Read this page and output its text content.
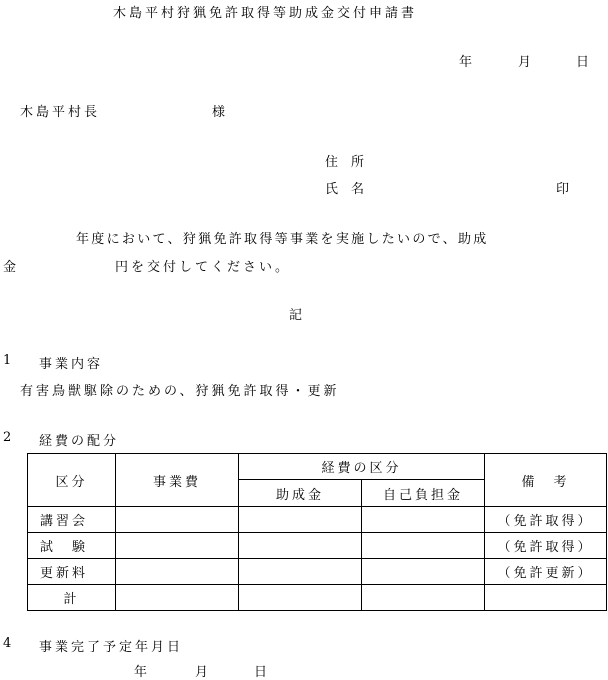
木島平村狩猟免許取得等助成金交付申請書
年	月	日
木島平村長	様
住　所
氏　名	印
年度において、狩猟免許取得等事業を実施したいので、助成
金	円を交付してください。
記
1 事業内容
有害鳥獣駆除のための、狩猟免許取得・更新
2 経費の配分
区分	事業費	経費の区分		備　考
		助成金	自己負担金	
講習会				（免許取得）
試　験				（免許取得）
更新料				（免許更新）
計				
4 事業完了予定年月日
年	月	日
